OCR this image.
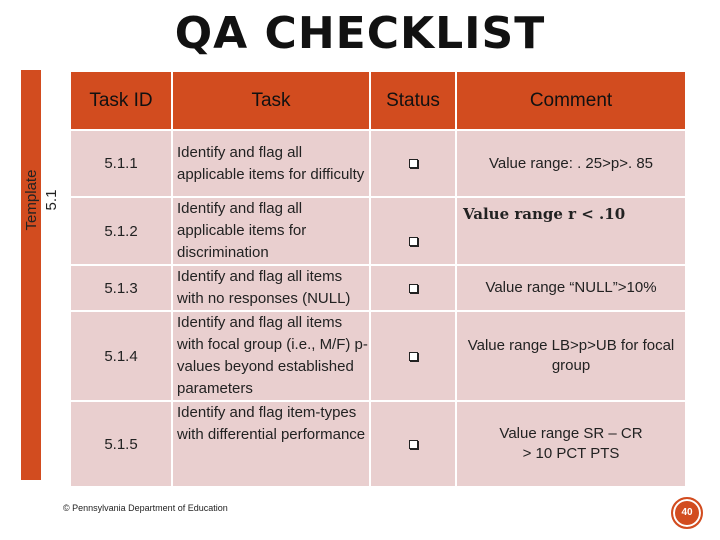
QA CHECKLIST
Template 5.1
Task ID	Task	Status	Comment
5.1.1	Identify and flag all applicable items for difficulty		Value range: . 25>p>. 85
5.1.2	Identify and flag all applicable items for discrimination		Value range r < .10
5.1.3	Identify and flag all items with no responses (NULL)		Value range “NULL”>10%
5.1.4	Identify and flag all items with focal group (i.e., M/F) p-values beyond established parameters		Value range LB>p>UB for focal group
5.1.5	Identify and flag item-types with differential performance		Value range SR – CR > 10 PCT PTS
© Pennsylvania Department of Education	40
